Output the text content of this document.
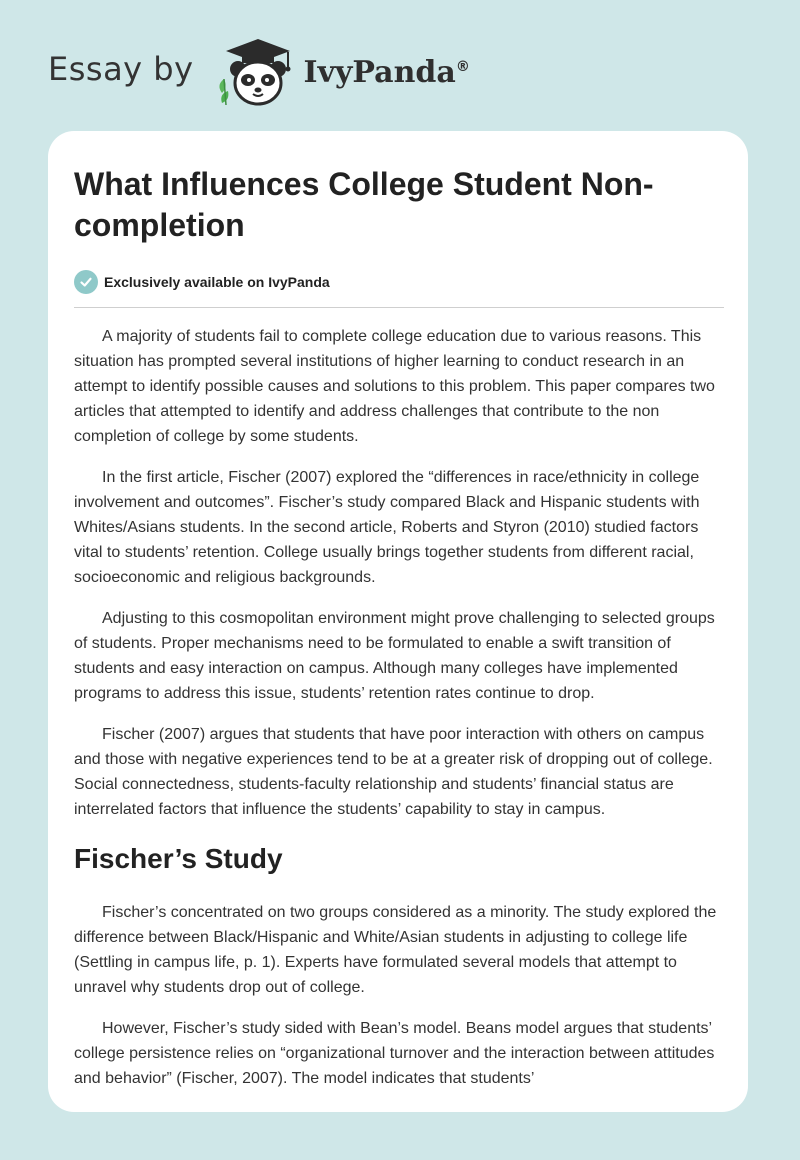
Essay by	IvyPanda®
What Influences College Student Non-completion
Exclusively available on IvyPanda

A majority of students fail to complete college education due to various reasons. This situation has prompted several institutions of higher learning to conduct research in an attempt to identify possible causes and solutions to this problem. This paper compares two articles that attempted to identify and address challenges that contribute to the non completion of college by some students.

In the first article, Fischer (2007) explored the “differences in race/ethnicity in college involvement and outcomes”. Fischer’s study compared Black and Hispanic students with Whites/Asians students. In the second article, Roberts and Styron (2010) studied factors vital to students’ retention. College usually brings together students from different racial, socioeconomic and religious backgrounds.

Adjusting to this cosmopolitan environment might prove challenging to selected groups of students. Proper mechanisms need to be formulated to enable a swift transition of students and easy interaction on campus. Although many colleges have implemented programs to address this issue, students’ retention rates continue to drop.

Fischer (2007) argues that students that have poor interaction with others on campus and those with negative experiences tend to be at a greater risk of dropping out of college. Social connectedness, students-faculty relationship and students’ financial status are interrelated factors that influence the students’ capability to stay in campus.

Fischer’s Study

Fischer’s concentrated on two groups considered as a minority. The study explored the difference between Black/Hispanic and White/Asian students in adjusting to college life (Settling in campus life, p. 1). Experts have formulated several models that attempt to unravel why students drop out of college.

However, Fischer’s study sided with Bean’s model. Beans model argues that students’ college persistence relies on “organizational turnover and the interaction between attitudes and behavior” (Fischer, 2007). The model indicates that students’
